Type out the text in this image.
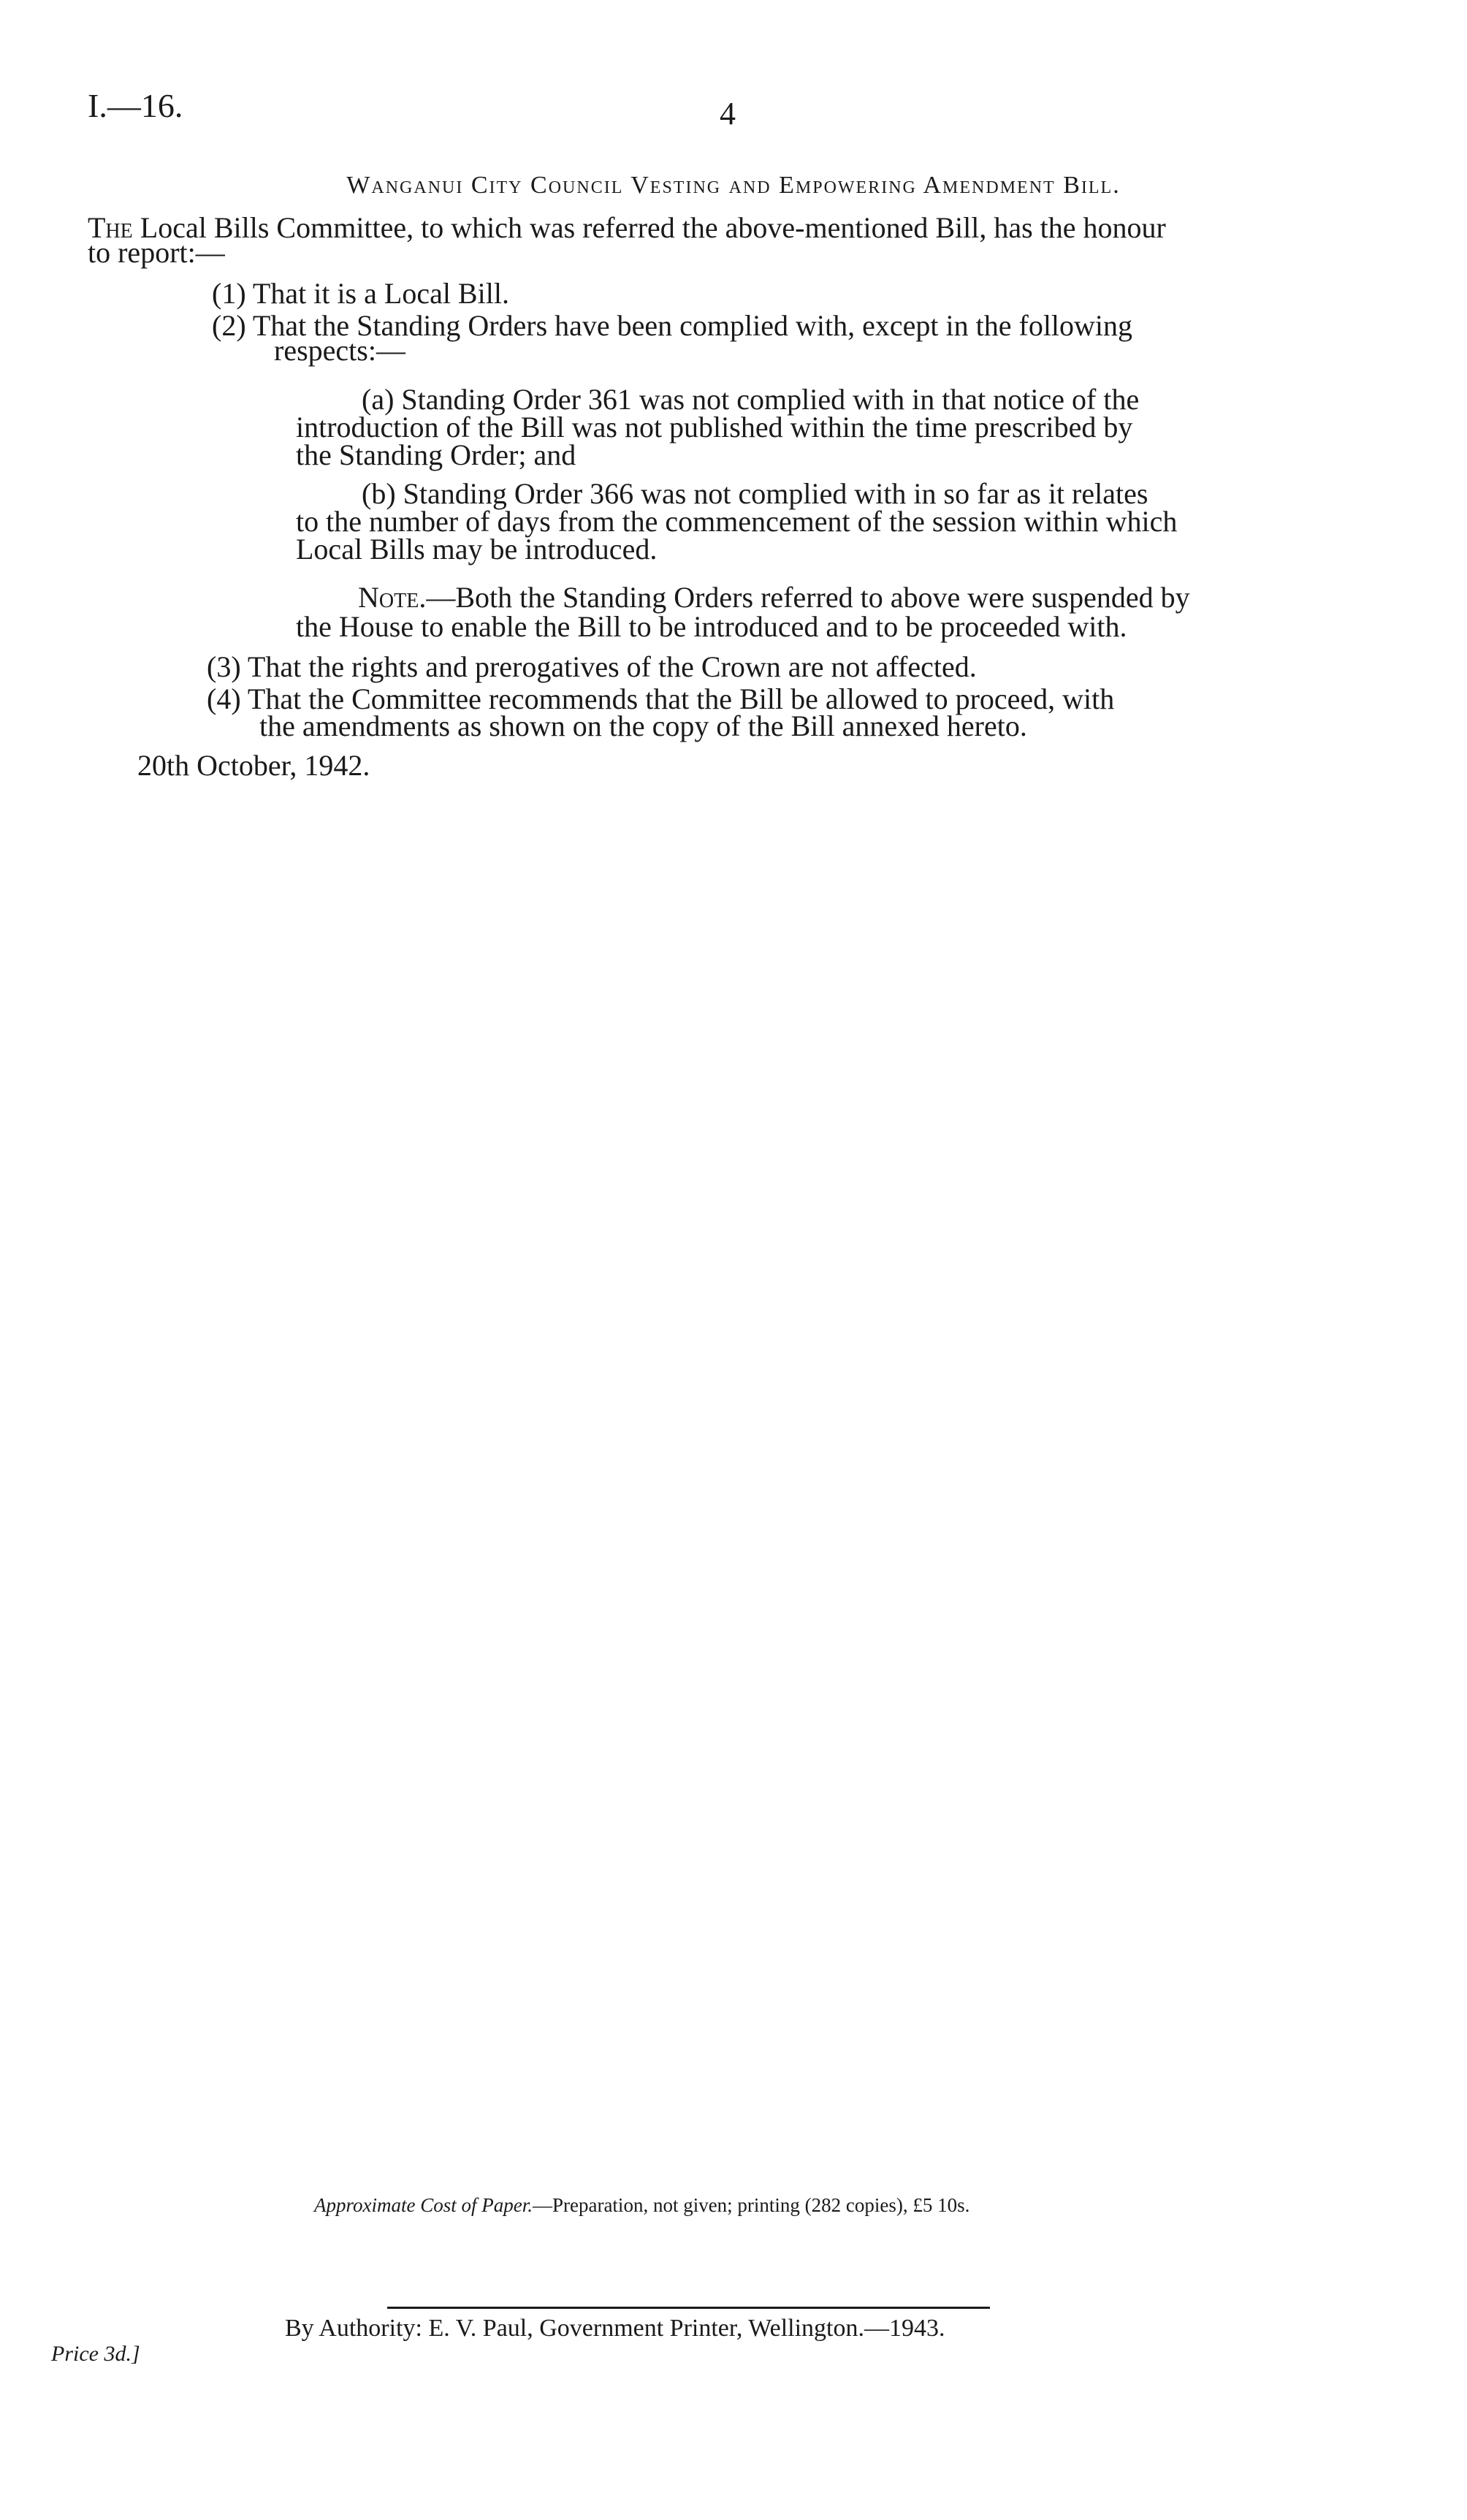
I.—16.	4
Wanganui City Council Vesting and Empowering Amendment Bill.
The Local Bills Committee, to which was referred the above-mentioned Bill, has the honour
to report:—
(1) That it is a Local Bill.
(2) That the Standing Orders have been complied with, except in the following
respects:—
(a) Standing Order 361 was not complied with in that notice of the
introduction of the Bill was not published within the time prescribed by
the Standing Order; and
(b) Standing Order 366 was not complied with in so far as it relates
to the number of days from the commencement of the session within which
Local Bills may be introduced.
Note.—Both the Standing Orders referred to above were suspended by
the House to enable the Bill to be introduced and to be proceeded with.
(3) That the rights and prerogatives of the Crown are not affected.
(4) That the Committee recommends that the Bill be allowed to proceed, with
the amendments as shown on the copy of the Bill annexed hereto.
20th October, 1942.
Approximate Cost of Paper.—Preparation, not given; printing (282 copies), £5 10s.
By Authority: E. V. Paul, Government Printer, Wellington.—1943.
Price 3d.]
